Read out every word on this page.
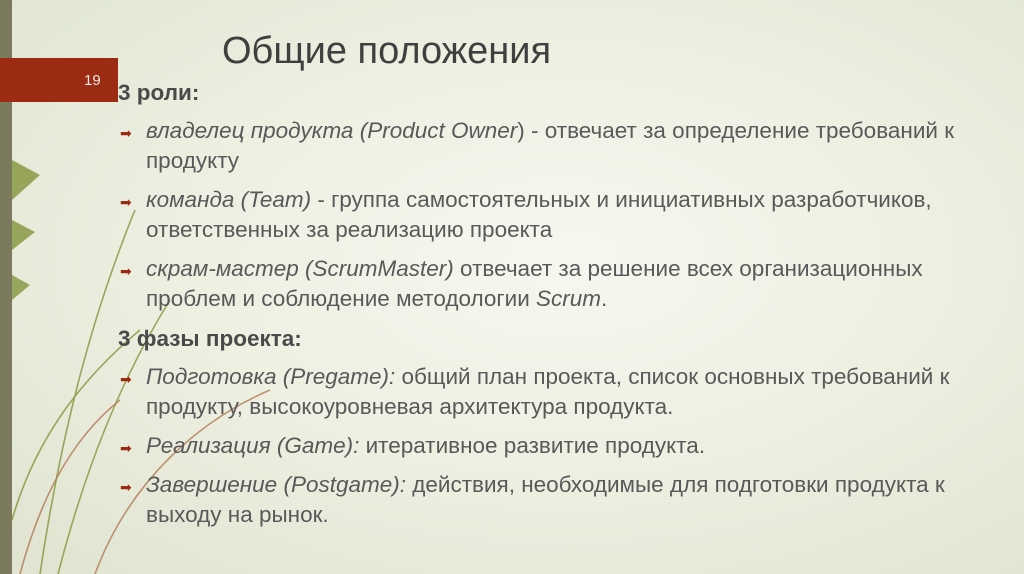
19
Общие положения
3 роли:
➡ владелец продукта (Product Owner) - отвечает за определение требований к продукту
➡ команда (Team) - группа самостоятельных и инициативных разработчиков, ответственных за реализацию проекта
➡ скрам-мастер (ScrumMaster) отвечает за решение всех организационных проблем и соблюдение методологии Scrum.
3 фазы проекта:
➡ Подготовка (Pregame): общий план проекта, список основных требований к продукту, высокоуровневая архитектура продукта.
➡ Реализация (Game): итеративное развитие продукта.
➡ Завершение (Postgame): действия, необходимые для подготовки продукта к выходу на рынок.
